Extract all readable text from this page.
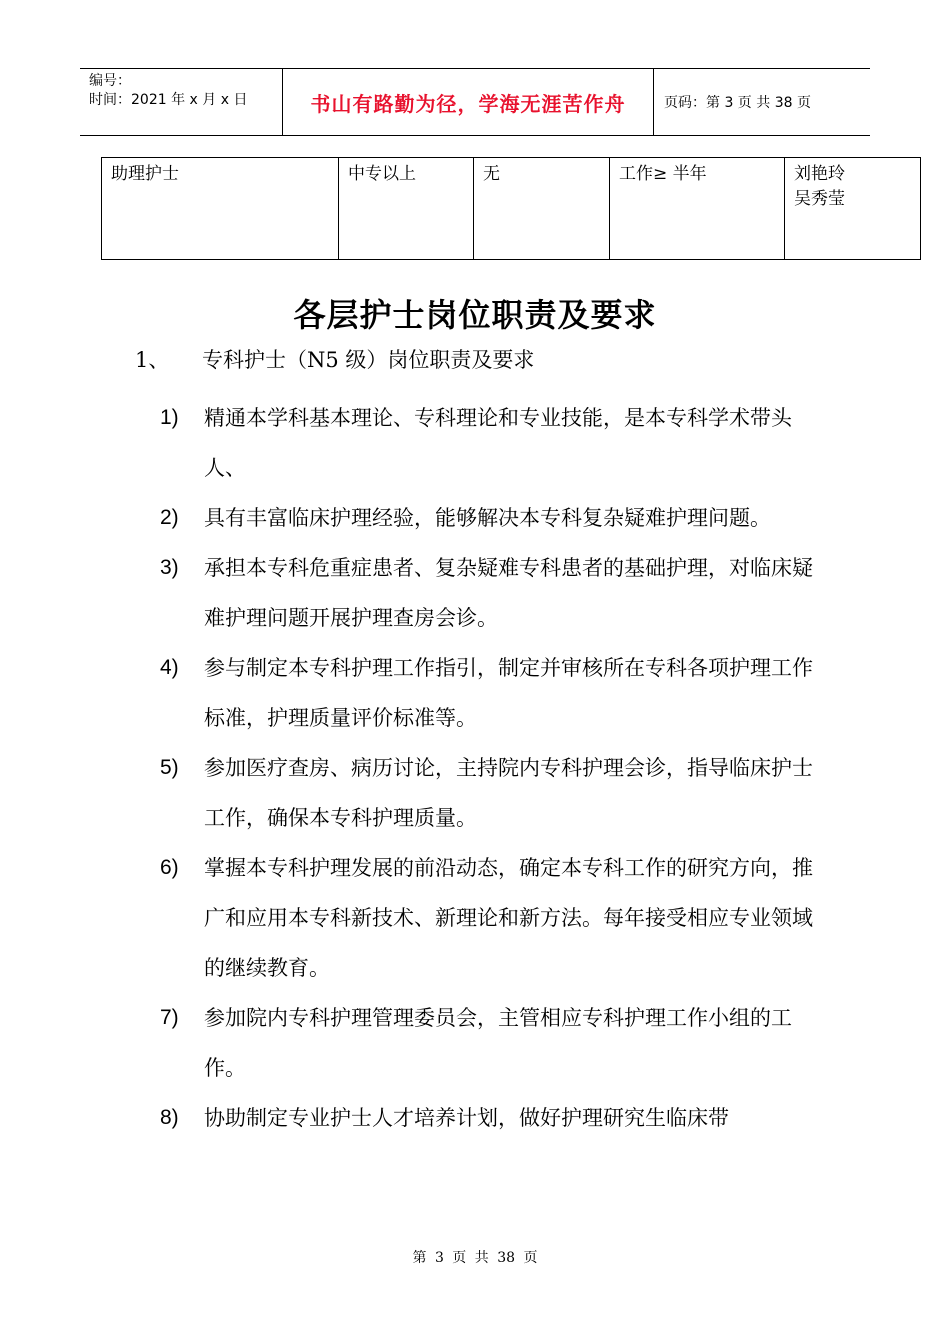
编号：
时间：2021 年 x 月 x 日	书山有路勤为径，学海无涯苦作舟	页码：第 3 页 共 38 页
助理护士	中专以上	无	工作≥ 半年	刘艳玲
吴秀莹
各层护士岗位职责及要求
1、 专科护士（N5 级）岗位职责及要求
1)	精通本学科基本理论、专科理论和专业技能，是本专科学术带头人、
2)	具有丰富临床护理经验，能够解决本专科复杂疑难护理问题。
3)	承担本专科危重症患者、复杂疑难专科患者的基础护理，对临床疑难护理问题开展护理查房会诊。
4)	参与制定本专科护理工作指引，制定并审核所在专科各项护理工作标准，护理质量评价标准等。
5)	参加医疗查房、病历讨论，主持院内专科护理会诊，指导临床护士工作，确保本专科护理质量。
6)	掌握本专科护理发展的前沿动态，确定本专科工作的研究方向，推广和应用本专科新技术、新理论和新方法。每年接受相应专业领域的继续教育。
7)	参加院内专科护理管理委员会，主管相应专科护理工作小组的工作。
8)	协助制定专业护士人才培养计划，做好护理研究生临床带
第 3 页 共 38 页
